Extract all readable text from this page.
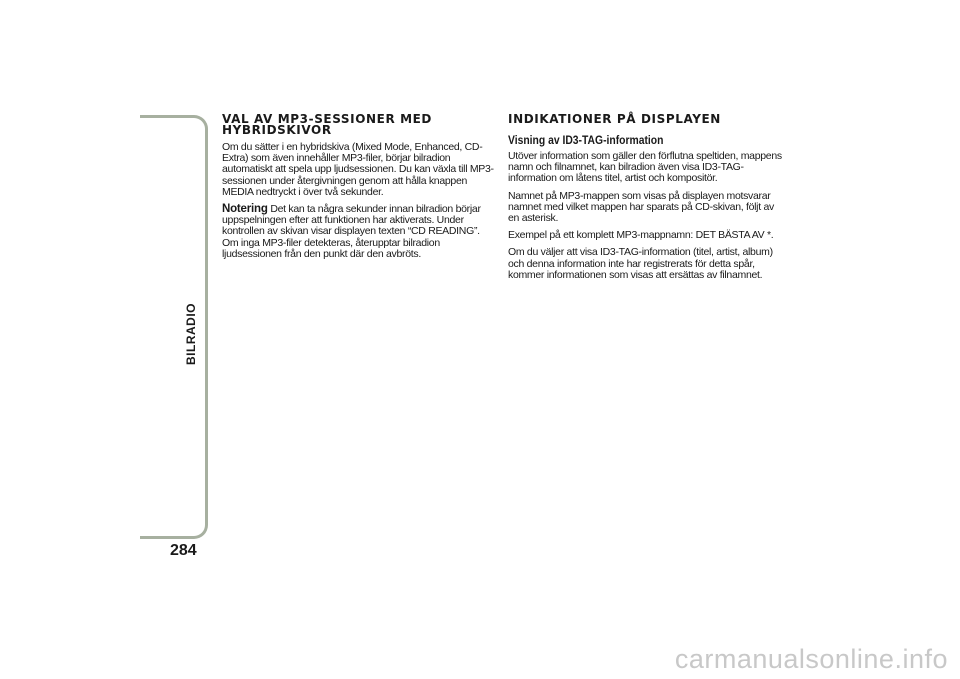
BILRADIO
284
VAL AV MP3-SESSIONER MED
HYBRIDSKIVOR

Om du sätter i en hybridskiva (Mixed Mode, Enhanced, CD-Extra) som även innehåller MP3-filer, börjar bilradion automatiskt att spela upp ljudsessionen. Du kan växla till MP3-sessionen under återgivningen genom att hålla knappen MEDIA nedtryckt i över två sekunder.

Notering Det kan ta några sekunder innan bilradion börjar uppspelningen efter att funktionen har aktiverats. Under kontrollen av skivan visar displayen texten “CD READING”. Om inga MP3-filer detekteras, återupptar bilradion ljudsessionen från den punkt där den avbröts.

INDIKATIONER PÅ DISPLAYEN
Visning av ID3-TAG-information

Utöver information som gäller den förflutna speltiden, mappens namn och filnamnet, kan bilradion även visa ID3-TAG-information om låtens titel, artist och kompositör.

Namnet på MP3-mappen som visas på displayen motsvarar namnet med vilket mappen har sparats på CD-skivan, följt av en asterisk.

Exempel på ett komplett MP3-mappnamn: DET BÄSTA AV *.

Om du väljer att visa ID3-TAG-information (titel, artist, album) och denna information inte har registrerats för detta spår, kommer informationen som visas att ersättas av filnamnet.

carmanualsonline.info
